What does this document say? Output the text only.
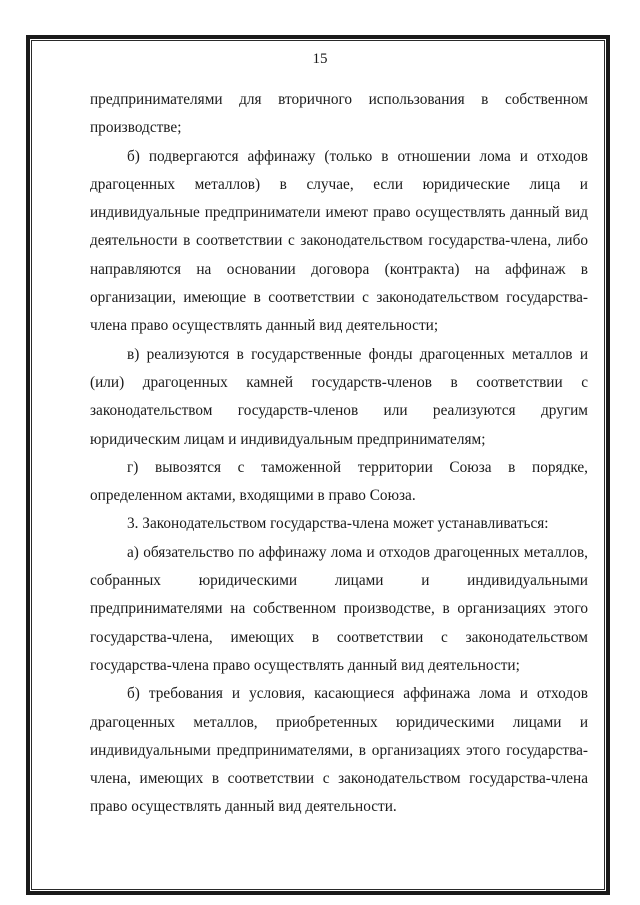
15

предпринимателями для вторичного использования в собственном производстве;

б) подвергаются аффинажу (только в отношении лома и отходов драгоценных металлов) в случае, если юридические лица и индивидуальные предприниматели имеют право осуществлять данный вид деятельности в соответствии с законодательством государства-члена, либо направляются на основании договора (контракта) на аффинаж в организации, имеющие в соответствии с законодательством государства-члена право осуществлять данный вид деятельности;

в) реализуются в государственные фонды драгоценных металлов и (или) драгоценных камней государств-членов в соответствии с законодательством государств-членов или реализуются другим юридическим лицам и индивидуальным предпринимателям;

г) вывозятся с таможенной территории Союза в порядке, определенном актами, входящими в право Союза.

3. Законодательством государства-члена может устанавливаться:

а) обязательство по аффинажу лома и отходов драгоценных металлов, собранных юридическими лицами и индивидуальными предпринимателями на собственном производстве, в организациях этого государства-члена, имеющих в соответствии с законодательством государства-члена право осуществлять данный вид деятельности;

б) требования и условия, касающиеся аффинажа лома и отходов драгоценных металлов, приобретенных юридическими лицами и индивидуальными предпринимателями, в организациях этого государства-члена, имеющих в соответствии с законодательством государства-члена право осуществлять данный вид деятельности.
